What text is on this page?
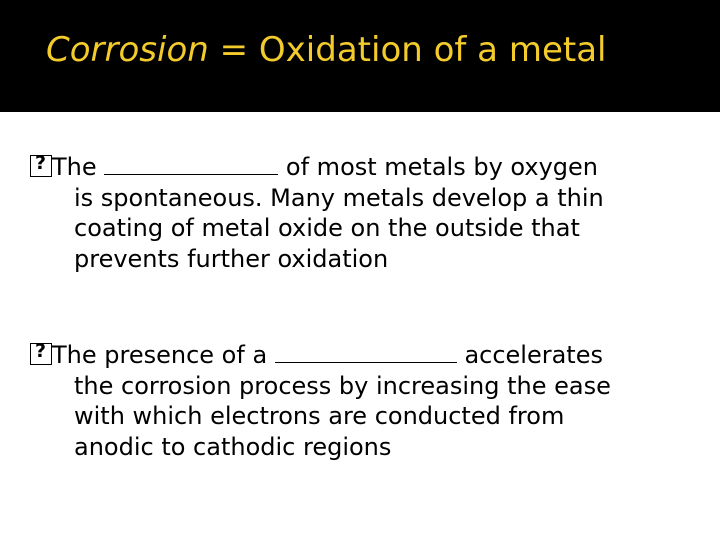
Corrosion = Oxidation of a metal
?The	of most metals by oxygen
is spontaneous. Many metals develop a thin
coating of metal oxide on the outside that
prevents further oxidation
?The presence of a	accelerates
the corrosion process by increasing the ease
with which electrons are conducted from
anodic to cathodic regions
